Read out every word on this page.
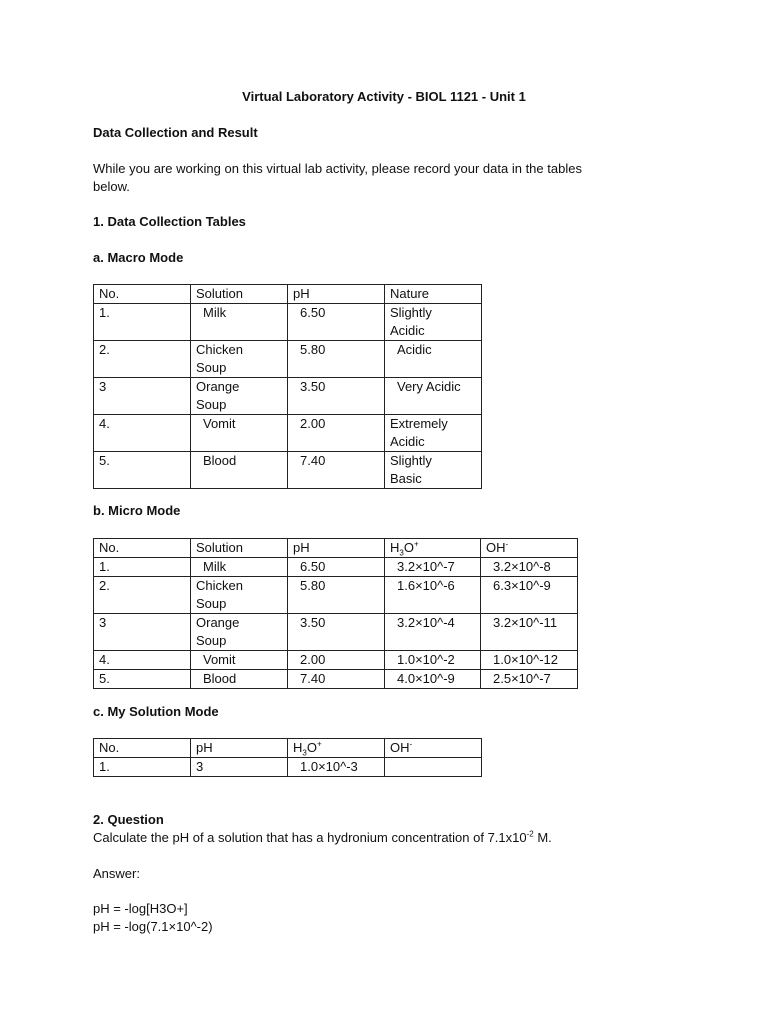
Virtual Laboratory Activity - BIOL 1121 - Unit 1
Data Collection and Result
While you are working on this virtual lab activity, please record your data in the tables
below.
1. Data Collection Tables
a. Macro Mode
No.	Solution	pH	Nature
1.	Milk	6.50	Slightly
Acidic
2.	Chicken
Soup	5.80	Acidic
3	Orange
Soup	3.50	Very Acidic
4.	Vomit	2.00	Extremely
Acidic
5.	Blood	7.40	Slightly
Basic
b. Micro Mode
No.	Solution	pH	$H_3O^+$	OH-
1.	Milk	6.50	3.2×10^-7	3.2×10^-8
2.	Chicken
Soup	5.80	1.6×10^-6	6.3×10^-9
3	Orange
Soup	3.50	3.2×10^-4	3.2×10^-11
4.	Vomit	2.00	1.0×10^-2	1.0×10^-12
5.	Blood	7.40	4.0×10^-9	2.5×10^-7
c. My Solution Mode
No.	pH	$H_3O^+$	OH-
1.	3	1.0×10^-3	
2. Question
Calculate the pH of a solution that has a hydronium concentration of $7.1x10^{-2}$ M.
Answer:
pH = -log[H3O+]
pH = -log(7.1×10^-2)
